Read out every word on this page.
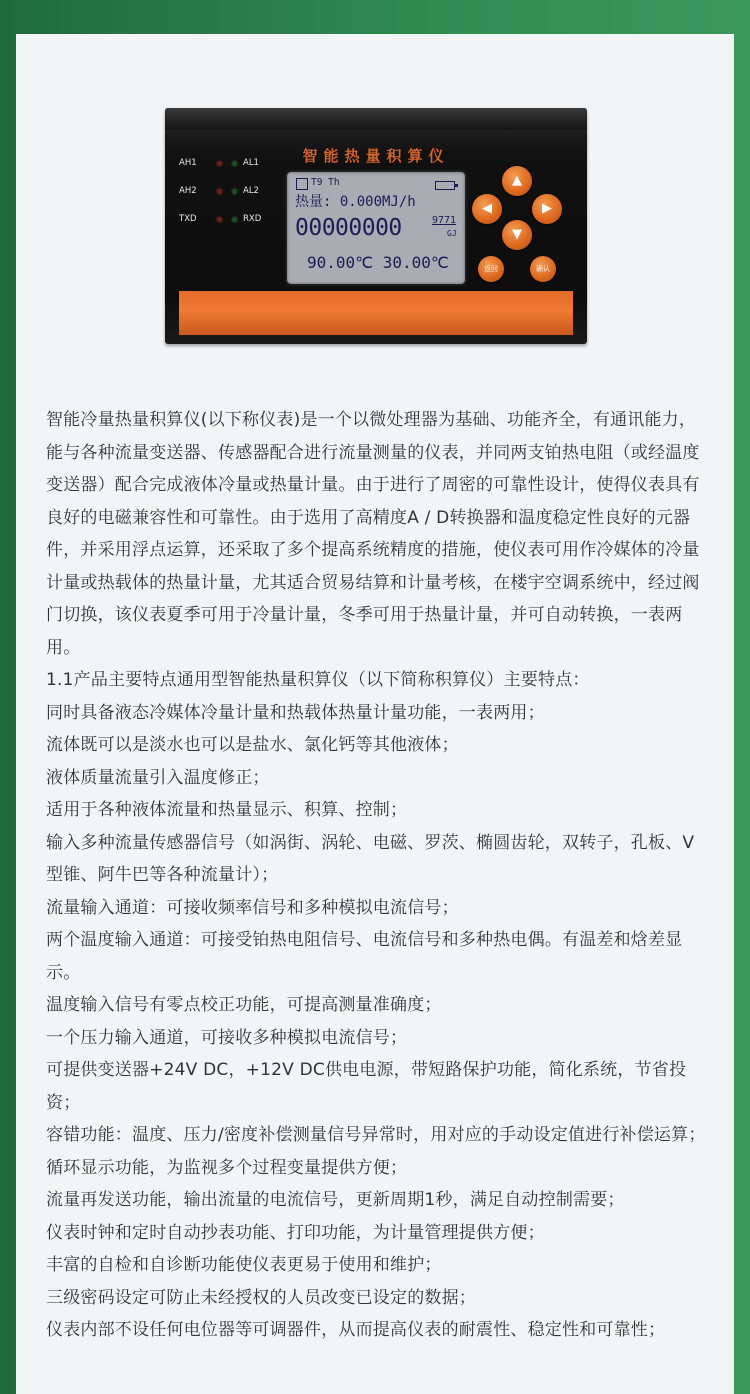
智能热量积算仪
AH1	AL1
AH2	AL2
TXD	RXD
T9 Th
热量: 0.000MJ/h
00000000	9771
GJ
90.00℃ 30.00℃
▲
◀	▶
▼
返回	确认

智能冷量热量积算仪(以下称仪表)是一个以微处理器为基础、功能齐全，有通讯能力，能与各种流量变送器、传感器配合进行流量测量的仪表，并同两支铂热电阻（或经温度变送器）配合完成液体冷量或热量计量。由于进行了周密的可靠性设计，使得仪表具有良好的电磁兼容性和可靠性。由于选用了高精度A / D转换器和温度稳定性良好的元器件，并采用浮点运算，还采取了多个提高系统精度的措施，使仪表可用作冷媒体的冷量计量或热载体的热量计量，尤其适合贸易结算和计量考核，在楼宇空调系统中，经过阀门切换，该仪表夏季可用于冷量计量，冬季可用于热量计量，并可自动转换，一表两用。

1.1产品主要特点通用型智能热量积算仪（以下简称积算仪）主要特点：

同时具备液态冷媒体冷量计量和热载体热量计量功能，一表两用；

流体既可以是淡水也可以是盐水、氯化钙等其他液体；

液体质量流量引入温度修正；

适用于各种液体流量和热量显示、积算、控制；

输入多种流量传感器信号（如涡街、涡轮、电磁、罗茨、椭圆齿轮，双转子，孔板、V型锥、阿牛巴等各种流量计）；

流量输入通道：可接收频率信号和多种模拟电流信号；

两个温度输入通道：可接受铂热电阻信号、电流信号和多种热电偶。有温差和焓差显示。

温度输入信号有零点校正功能，可提高测量准确度；

一个压力输入通道，可接收多种模拟电流信号；

可提供变送器+24V DC，+12V DC供电电源，带短路保护功能，简化系统，节省投资；

容错功能：温度、压力/密度补偿测量信号异常时，用对应的手动设定值进行补偿运算；

循环显示功能，为监视多个过程变量提供方便；

流量再发送功能，输出流量的电流信号，更新周期1秒，满足自动控制需要；

仪表时钟和定时自动抄表功能、打印功能，为计量管理提供方便；

丰富的自检和自诊断功能使仪表更易于使用和维护；

三级密码设定可防止未经授权的人员改变已设定的数据；

仪表内部不设任何电位器等可调器件，从而提高仪表的耐震性、稳定性和可靠性；
